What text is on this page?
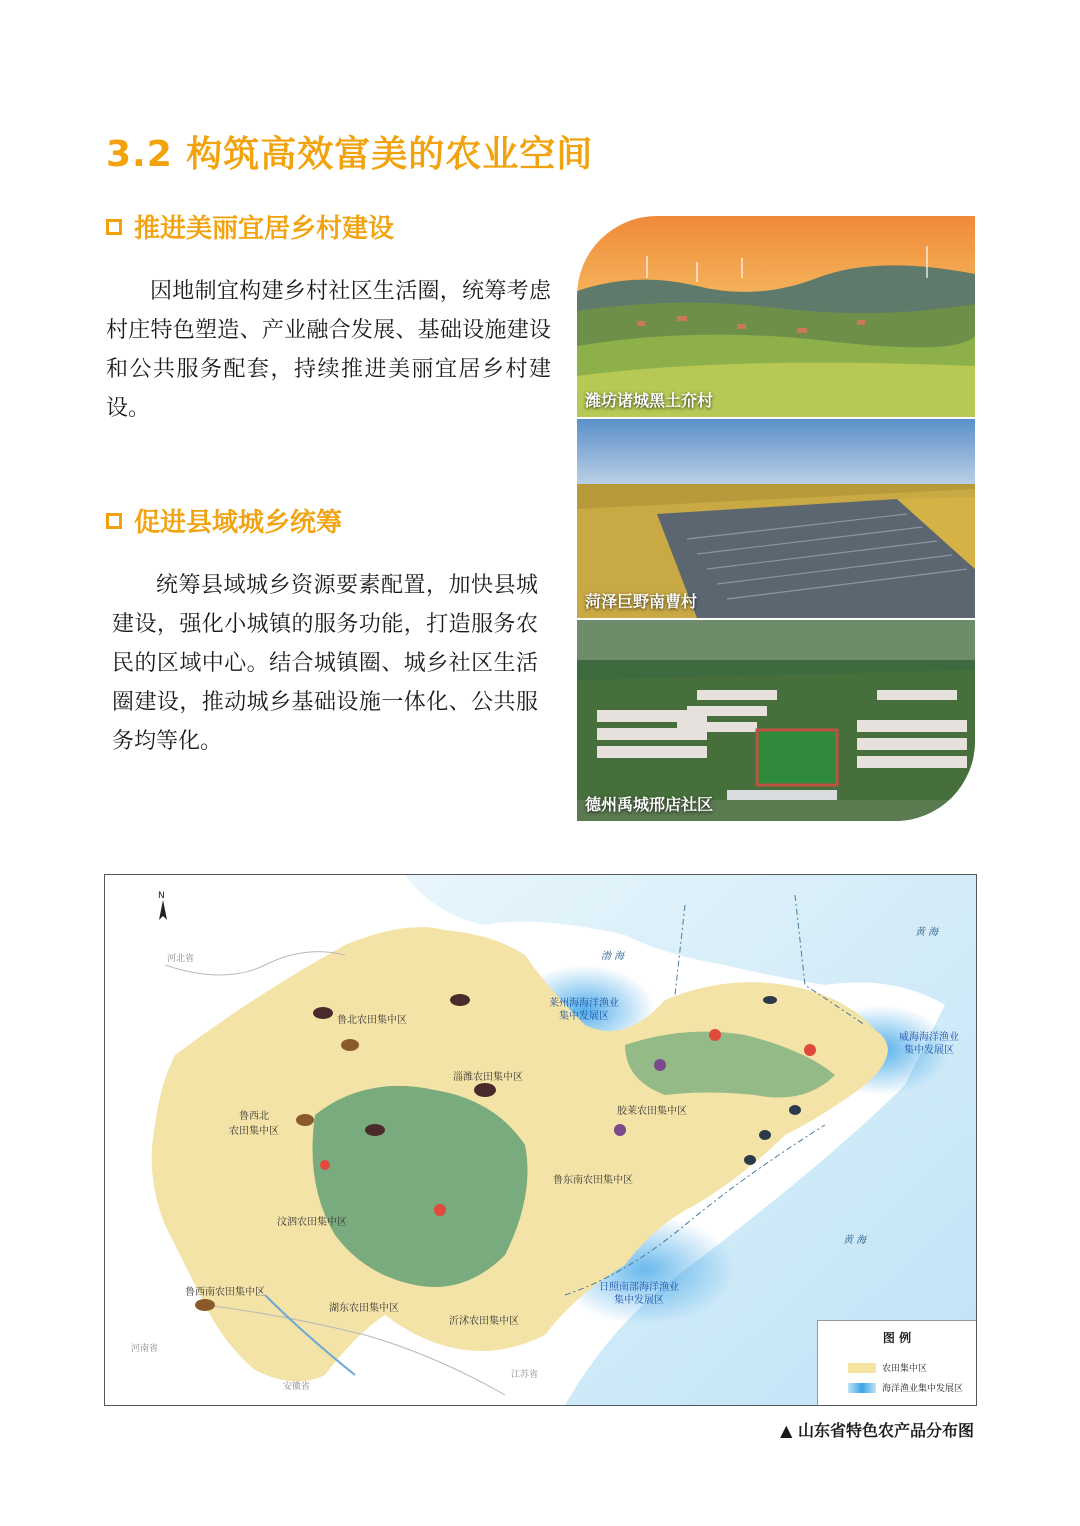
3.2 构筑高效富美的农业空间
推进美丽宜居乡村建设
因地制宜构建乡村社区生活圈，统筹考虑村庄特色塑造、产业融合发展、基础设施建设和公共服务配套，持续推进美丽宜居乡村建设。
促进县域城乡统筹
统筹县域城乡资源要素配置，加快县城建设，强化小城镇的服务功能，打造服务农民的区域中心。结合城镇圈、城乡社区生活圈建设，推动城乡基础设施一体化、公共服务均等化。
潍坊诸城黑土夼村
菏泽巨野南曹村
德州禹城邢店社区
N
河北省
河南省
安徽省
江苏省
渤 海
黄 海
黄 海
鲁北农田集中区
鲁西北
农田集中区
淄潍农田集中区
胶莱农田集中区
鲁东南农田集中区
汶泗农田集中区
鲁西南农田集中区
湖东农田集中区
沂沭农田集中区
莱州海海洋渔业
集中发展区
威海海洋渔业
集中发展区
日照南部海洋渔业
集中发展区
图 例
农田集中区
海洋渔业集中发展区
▲ 山东省特色农产品分布图
